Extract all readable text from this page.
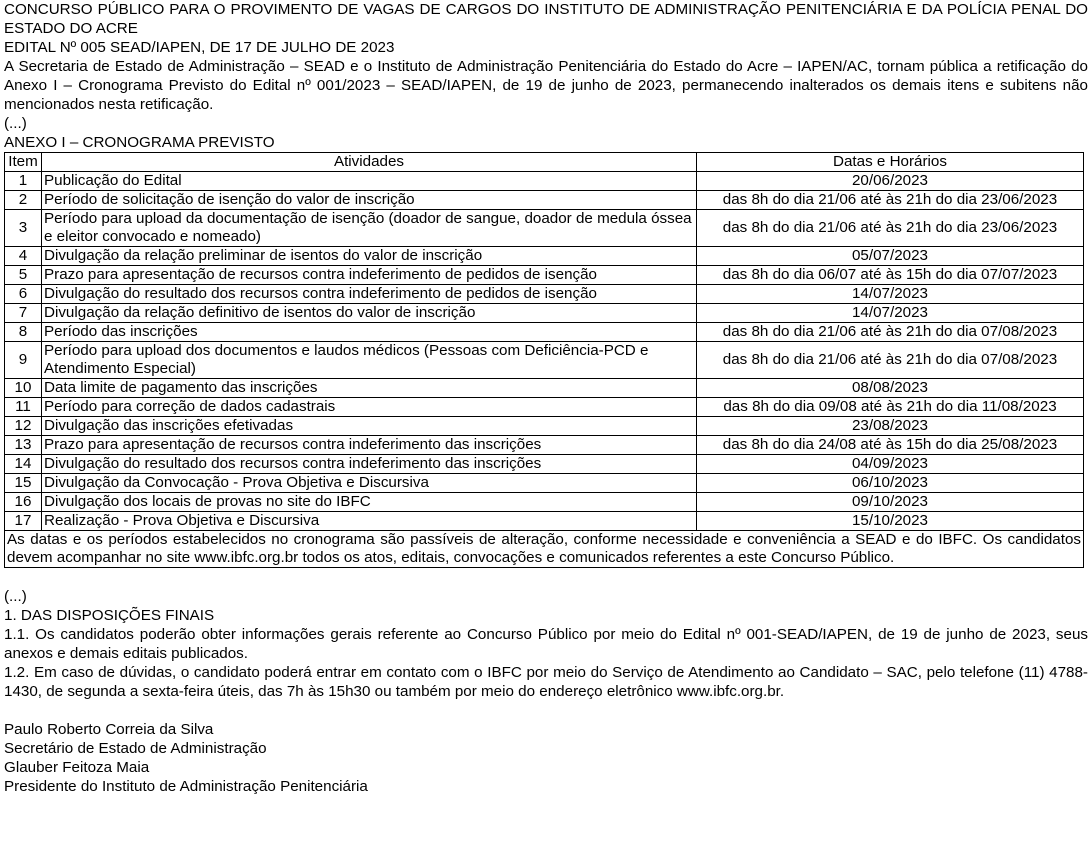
CONCURSO PÚBLICO PARA O PROVIMENTO DE VAGAS DE CARGOS DO INSTITUTO DE ADMINISTRAÇÃO PENITENCIÁRIA E DA POLÍCIA PENAL DO ESTADO DO ACRE

EDITAL Nº 005 SEAD/IAPEN, DE 17 DE JULHO DE 2023

A Secretaria de Estado de Administração – SEAD e o Instituto de Administração Penitenciária do Estado do Acre – IAPEN/AC, tornam pública a retificação do Anexo I – Cronograma Previsto do Edital nº 001/2023 – SEAD/IAPEN, de 19 de junho de 2023, permanecendo inalterados os demais itens e subitens não mencionados nesta retificação.

(...)

ANEXO I – CRONOGRAMA PREVISTO

Item	Atividades	Datas e Horários
1	Publicação do Edital	20/06/2023
2	Período de solicitação de isenção do valor de inscrição	das 8h do dia 21/06 até às 21h do dia 23/06/2023
3	Período para upload da documentação de isenção (doador de sangue, doador de medula óssea e eleitor convocado e nomeado)	das 8h do dia 21/06 até às 21h do dia 23/06/2023
4	Divulgação da relação preliminar de isentos do valor de inscrição	05/07/2023
5	Prazo para apresentação de recursos contra indeferimento de pedidos de isenção	das 8h do dia 06/07 até às 15h do dia 07/07/2023
6	Divulgação do resultado dos recursos contra indeferimento de pedidos de isenção	14/07/2023
7	Divulgação da relação definitivo de isentos do valor de inscrição	14/07/2023
8	Período das inscrições	das 8h do dia 21/06 até às 21h do dia 07/08/2023
9	Período para upload dos documentos e laudos médicos (Pessoas com Deficiência-PCD e Atendimento Especial)	das 8h do dia 21/06 até às 21h do dia 07/08/2023
10	Data limite de pagamento das inscrições	08/08/2023
11	Período para correção de dados cadastrais	das 8h do dia 09/08 até às 21h do dia 11/08/2023
12	Divulgação das inscrições efetivadas	23/08/2023
13	Prazo para apresentação de recursos contra indeferimento das inscrições	das 8h do dia 24/08 até às 15h do dia 25/08/2023
14	Divulgação do resultado dos recursos contra indeferimento das inscrições	04/09/2023
15	Divulgação da Convocação - Prova Objetiva e Discursiva	06/10/2023
16	Divulgação dos locais de provas no site do IBFC	09/10/2023
17	Realização - Prova Objetiva e Discursiva	15/10/2023
As datas e os períodos estabelecidos no cronograma são passíveis de alteração, conforme necessidade e conveniência a SEAD e do IBFC. Os candidatos devem acompanhar no site www.ibfc.org.br todos os atos, editais, convocações e comunicados referentes a este Concurso Público.		

(...)

1. DAS DISPOSIÇÕES FINAIS

1.1. Os candidatos poderão obter informações gerais referente ao Concurso Público por meio do Edital nº 001-SEAD/IAPEN, de 19 de junho de 2023, seus anexos e demais editais publicados.

1.2. Em caso de dúvidas, o candidato poderá entrar em contato com o IBFC por meio do Serviço de Atendimento ao Candidato – SAC, pelo telefone (11) 4788-1430, de segunda a sexta-feira úteis, das 7h às 15h30 ou também por meio do endereço eletrônico www.ibfc.org.br.

Paulo Roberto Correia da Silva

Secretário de Estado de Administração

Glauber Feitoza Maia

Presidente do Instituto de Administração Penitenciária
